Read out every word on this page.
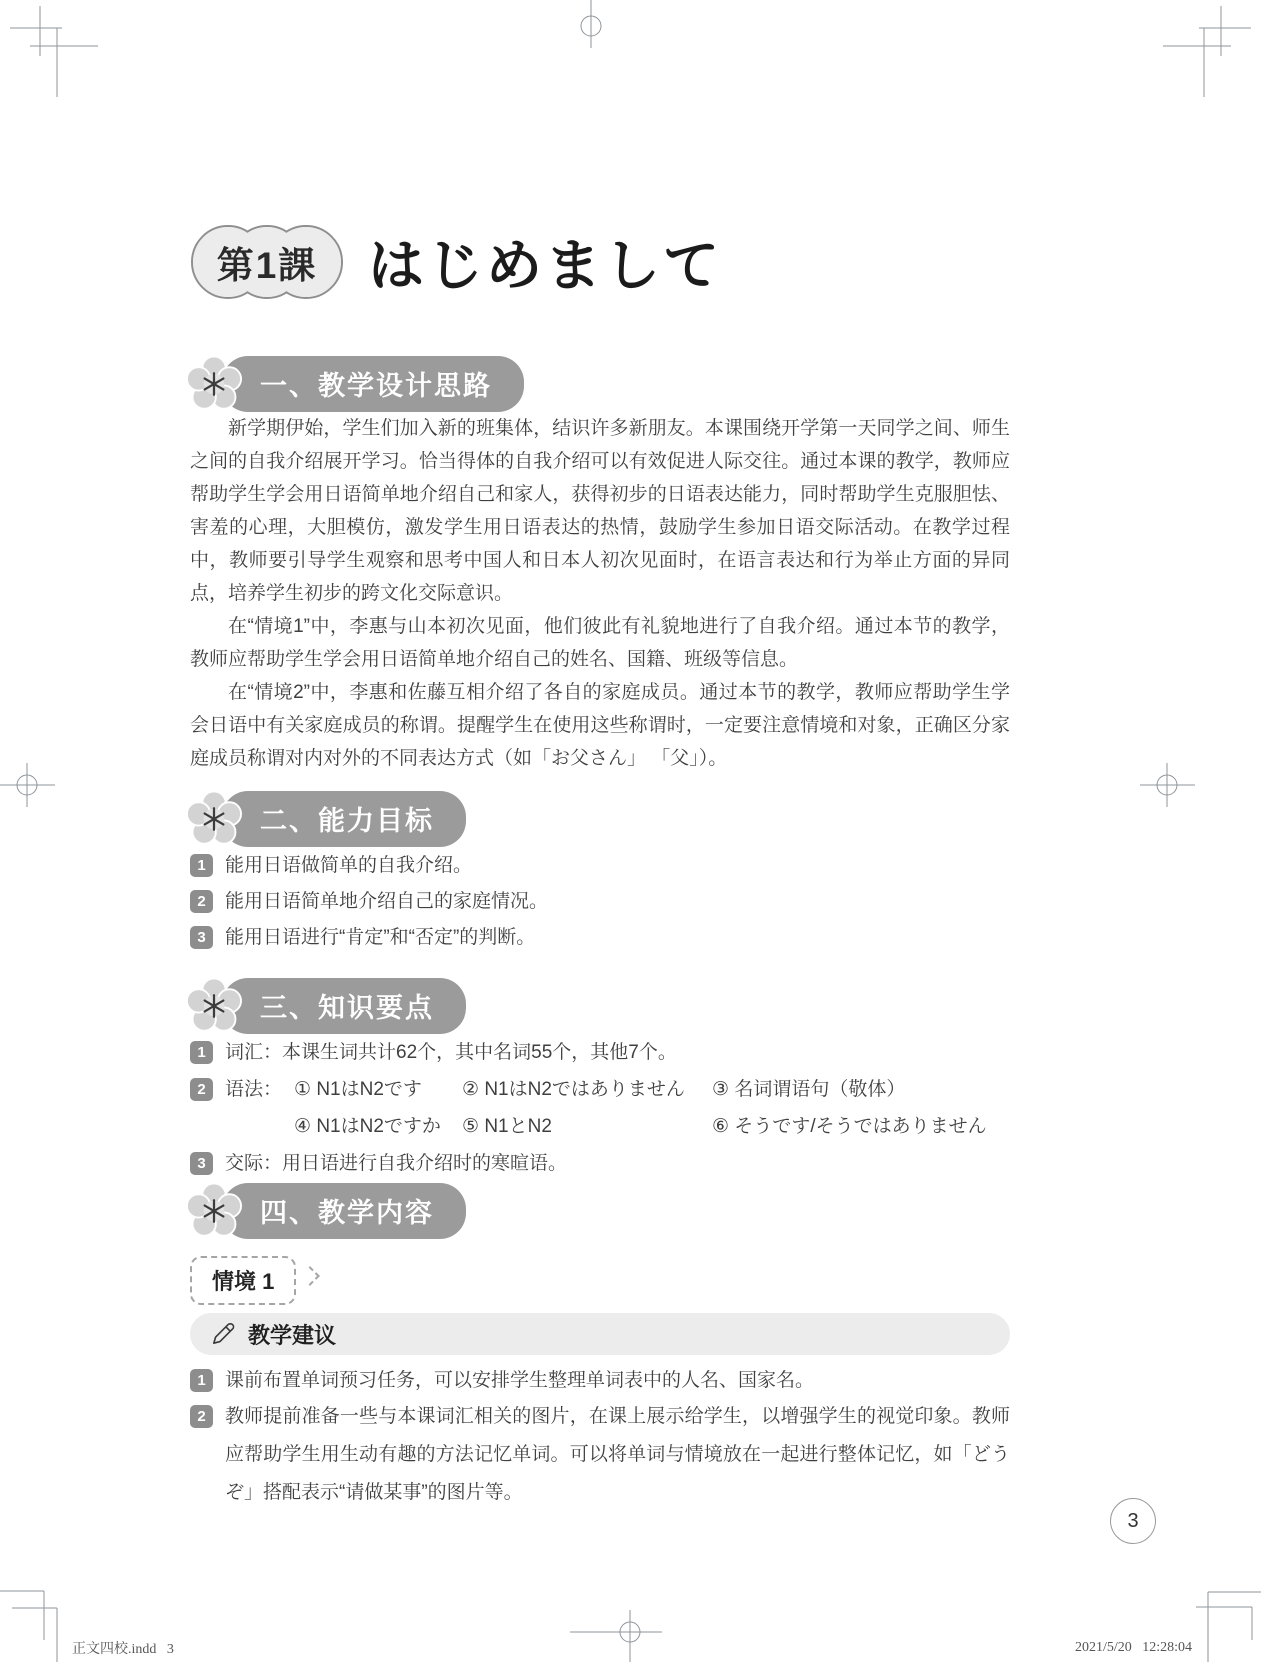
第1課 はじめまして
一、教学设计思路

新学期伊始，学生们加入新的班集体，结识许多新朋友。本课围绕开学第一天同学之间、师生之间的自我介绍展开学习。恰当得体的自我介绍可以有效促进人际交往。通过本课的教学，教师应帮助学生学会用日语简单地介绍自己和家人，获得初步的日语表达能力，同时帮助学生克服胆怯、害羞的心理，大胆模仿，激发学生用日语表达的热情，鼓励学生参加日语交际活动。在教学过程中，教师要引导学生观察和思考中国人和日本人初次见面时，在语言表达和行为举止方面的异同点，培养学生初步的跨文化交际意识。

在“情境1”中，李惠与山本初次见面，他们彼此有礼貌地进行了自我介绍。通过本节的教学，教师应帮助学生学会用日语简单地介绍自己的姓名、国籍、班级等信息。

在“情境2”中，李惠和佐藤互相介绍了各自的家庭成员。通过本节的教学，教师应帮助学生学会日语中有关家庭成员的称谓。提醒学生在使用这些称谓时，一定要注意情境和对象，正确区分家庭成员称谓对内对外的不同表达方式（如「お父さん」 「父」）。

二、能力目标
1	能用日语做简单的自我介绍。
2	能用日语简单地介绍自己的家庭情况。
3	能用日语进行“肯定”和“否定”的判断。
三、知识要点
1	词汇：本课生词共计62个，其中名词55个，其他7个。
2	语法： ① N1はN2です	② N1はN2ではありません	③ 名词谓语句（敬体）
④ N1はN2ですか	⑤ N1とN2	⑥ そうです/そうではありません
3	交际：用日语进行自我介绍时的寒暄语。
四、教学内容
情境 1
教学建议
1	课前布置单词预习任务，可以安排学生整理单词表中的人名、国家名。
2	教师提前准备一些与本课词汇相关的图片，在课上展示给学生，以增强学生的视觉印象。教师应帮助学生用生动有趣的方法记忆单词。可以将单词与情境放在一起进行整体记忆，如「どうぞ」搭配表示“请做某事”的图片等。
3
正文四校.indd   3	2021/5/20   12:28:04
